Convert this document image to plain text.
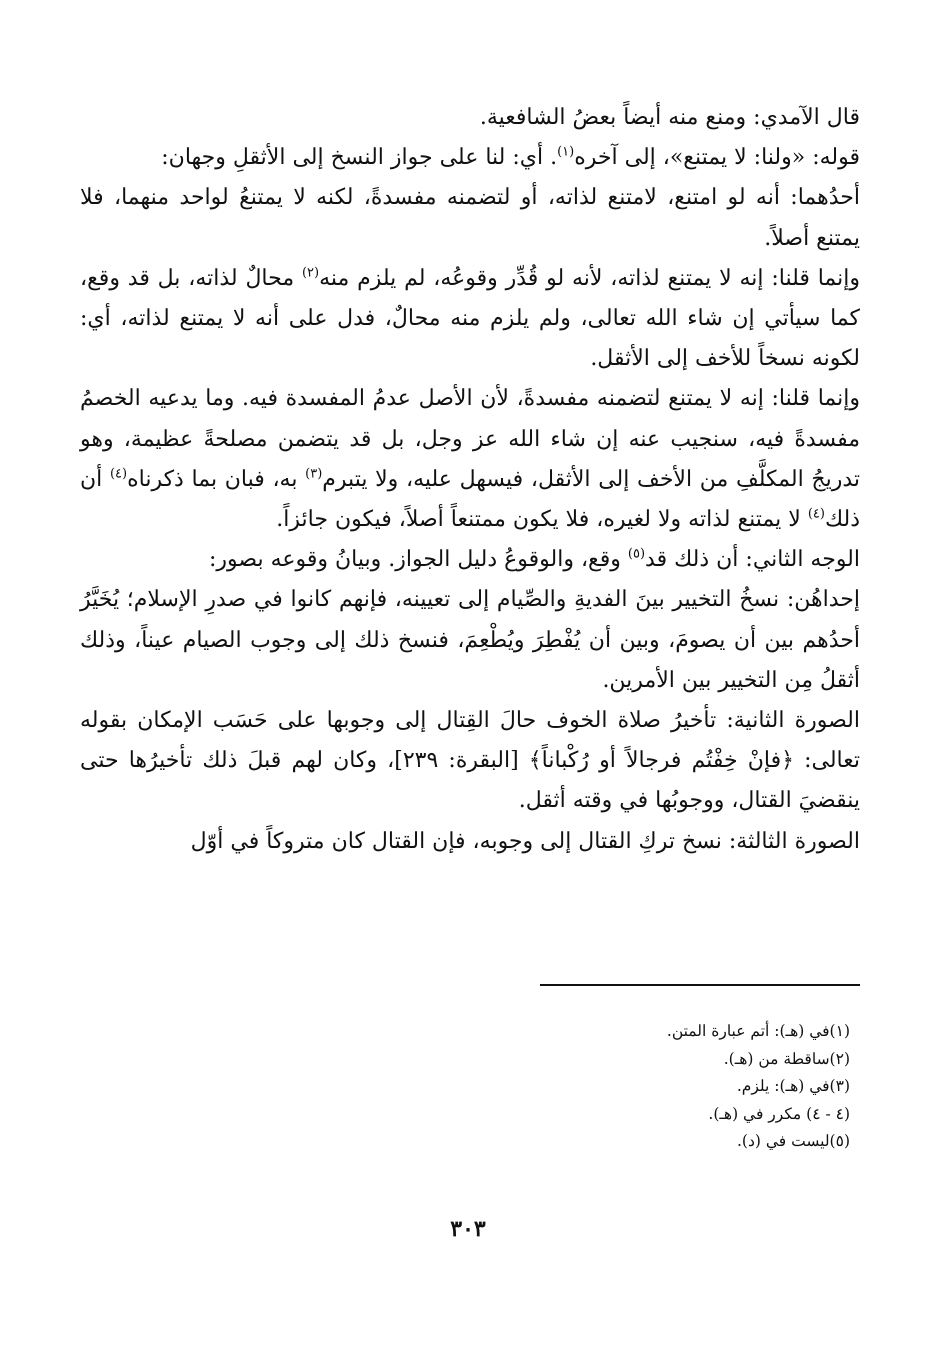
قال الآمدي: ومنع منه أيضاً بعضُ الشافعية.

قوله: «ولنا: لا يمتنع»، إلى آخره$^{(١)}$. أي: لنا على جواز النسخ إلى الأثقلِ وجهان:

أحدُهما: أنه لو امتنع، لامتنع لذاته، أو لتضمنه مفسدةً، لكنه لا يمتنعُ لواحد منهما، فلا يمتنع أصلاً.

وإنما قلنا: إنه لا يمتنع لذاته، لأنه لو قُدِّر وقوعُه، لم يلزم منه$^{(٢)}$ محالٌ لذاته، بل قد وقع، كما سيأتي إن شاء الله تعالى، ولم يلزم منه محالٌ، فدل على أنه لا يمتنع لذاته، أي: لكونه نسخاً للأخف إلى الأثقل.

وإنما قلنا: إنه لا يمتنع لتضمنه مفسدةً، لأن الأصل عدمُ المفسدة فيه. وما يدعيه الخصمُ مفسدةً فيه، سنجيب عنه إن شاء الله عز وجل، بل قد يتضمن مصلحةً عظيمة، وهو تدريجُ المكلَّفِ من الأخف إلى الأثقل، فيسهل عليه، ولا يتبرم$^{(٣)}$ به، فبان بما ذكرناه$^{(٤)}$ أن ذلك$^{(٤)}$ لا يمتنع لذاته ولا لغيره، فلا يكون ممتنعاً أصلاً، فيكون جائزاً.

الوجه الثاني: أن ذلك قد$^{(٥)}$ وقع، والوقوعُ دليل الجواز. وبيانُ وقوعه بصور:

إحداهُن: نسخُ التخيير بينَ الفديةِ والصِّيام إلى تعيينه، فإنهم كانوا في صدرِ الإسلام؛ يُخَيَّرُ أحدُهم بين أن يصومَ، وبين أن يُفْطِرَ ويُطْعِمَ، فنسخ ذلك إلى وجوب الصيام عيناً، وذلك أثقلُ مِن التخيير بين الأمرين.

الصورة الثانية: تأخيرُ صلاة الخوف حالَ القِتال إلى وجوبها على حَسَب الإمكان بقوله تعالى: ﴿فإنْ خِفْتُم فرجالاً أو رُكْباناً﴾ [البقرة: ٢٣٩]، وكان لهم قبلَ ذلك تأخيرُها حتى ينقضيَ القتال، ووجوبُها في وقته أثقل.

الصورة الثالثة: نسخ تركِ القتال إلى وجوبه، فإن القتال كان متروكاً في أوّل

(١)في (هـ): أتم عبارة المتن.
(٢)ساقطة من (هـ).
(٣)في (هـ): يلزم.
(٤ - ٤) مكرر في (هـ).
(٥)ليست في (د).
٣٠٣
